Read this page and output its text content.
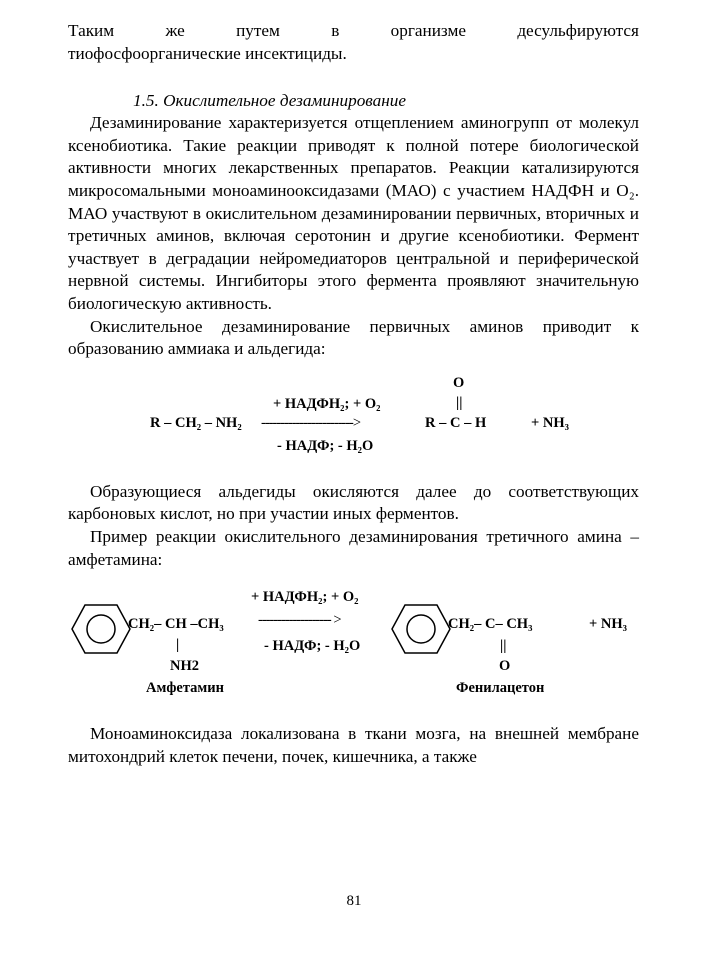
Таким	же	путем	в	организме	десульфируются

тиофосфоорганические инсектициды.

1.5. Окислительное дезаминирование

Дезаминирование характеризуется отщеплением аминогрупп от молекул ксенобиотика. Такие реакции приводят к полной потере биологической активности многих лекарственных препаратов. Реакции катализируются микросомальными моноаминооксидазами (МАО) с участием НАДФН и О₂. МАО участвуют в окислительном дезаминировании первичных, вторичных и третичных аминов, включая серотонин и другие ксенобиотики. Фермент участвует в деградации нейромедиаторов центральной и периферической нервной системы. Ингибиторы этого фермента проявляют значительную биологическую активность.

Окислительное дезаминирование первичных аминов приводит к образованию аммиака и альдегида:

O
+ НАДФН₂; + О₂	||
R – CH₂ – NH₂ ------------------------>	R – C – H	+ NH₃
- НАДФ; - Н₂О

Образующиеся альдегиды окисляются далее до соответствующих карбоновых кислот, но при участии иных ферментов.

Пример реакции окислительного дезаминирования третичного амина – амфетамина:

+ НАДФН₂; + О₂
CH₂– CH –CH₃ ------------------- >	CH₂– C– CH₃	+ NH₃
|	- НАДФ; - Н₂О	||
NH2	O
Амфетамин	Фенилацетон

Моноаминоксидаза локализована в ткани мозга, на внешней мембране митохондрий клеток печени, почек, кишечника, а также

81
